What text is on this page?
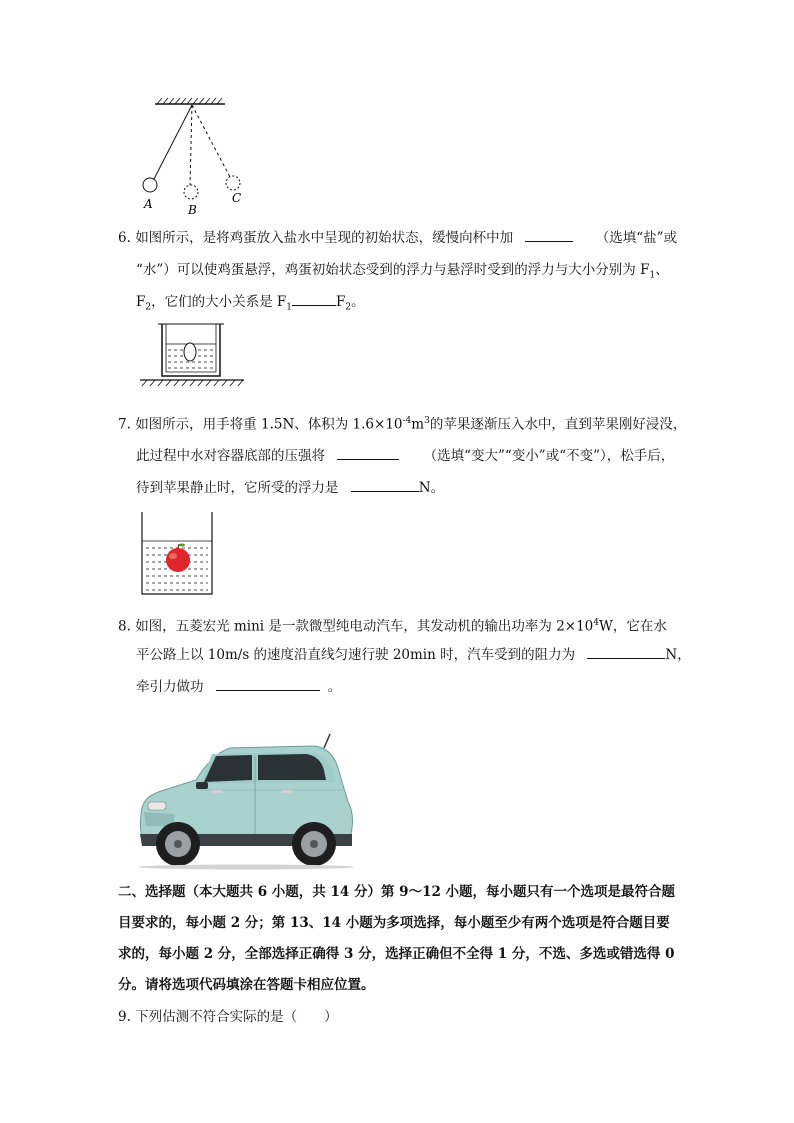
A	B
C
6. 如图所示，是将鸡蛋放入盐水中呈现的初始状态，缓慢向杯中加	（选填“盐”或
“水”）可以使鸡蛋悬浮，鸡蛋初始状态受到的浮力与悬浮时受到的浮力与大小分别为 $F_1$、
$F_2$，它们的大小关系是 $F_1$	$F_2$。
7. 如图所示，用手将重 1.5N、体积为 $1.6\times 10^{-4}m^3$的苹果逐渐压入水中，直到苹果刚好浸没，
此过程中水对容器底部的压强将	（选填“变大”“变小”或“不变”），松手后，
待到苹果静止时，它所受的浮力是	N。
8. 如图，五菱宏光 mini 是一款微型纯电动汽车，其发动机的输出功率为 $2\times 10^4W$，它在水
平公路上以 10m/s 的速度沿直线匀速行驶 20min 时，汽车受到的阻力为	N，
牵引力做功	。
二、选择题（本大题共 6 小题，共 14 分）第 9～12 小题，每小题只有一个选项是最符合题
目要求的，每小题 2 分；第 13、14 小题为多项选择，每小题至少有两个选项是符合题目要
求的，每小题 2 分，全部选择正确得 3 分，选择正确但不全得 1 分，不选、多选或错选得 0
分。请将选项代码填涂在答题卡相应位置。
9. 下列估测不符合实际的是（　　）
